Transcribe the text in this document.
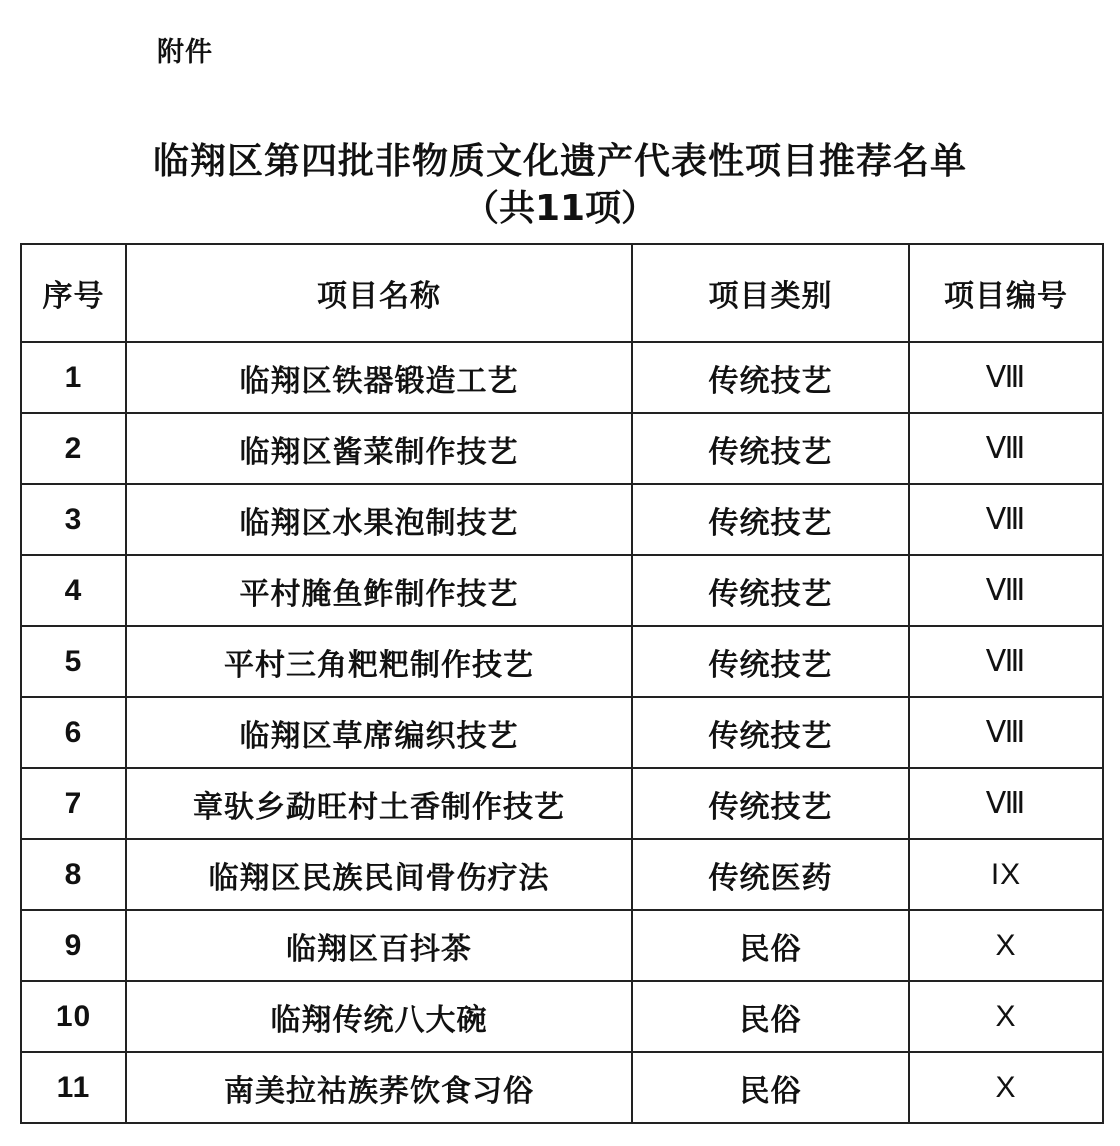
附件
临翔区第四批非物质文化遗产代表性项目推荐名单
（共11项）
序号	项目名称	项目类别	项目编号
1	临翔区铁器锻造工艺	传统技艺	Ⅷ
2	临翔区酱菜制作技艺	传统技艺	Ⅷ
3	临翔区水果泡制技艺	传统技艺	Ⅷ
4	平村腌鱼鲊制作技艺	传统技艺	Ⅷ
5	平村三角粑粑制作技艺	传统技艺	Ⅷ
6	临翔区草席编织技艺	传统技艺	Ⅷ
7	章驮乡勐旺村土香制作技艺	传统技艺	Ⅷ
8	临翔区民族民间骨伤疗法	传统医药	IX
9	临翔区百抖茶	民俗	X
10	临翔传统八大碗	民俗	X
11	南美拉祜族荞饮食习俗	民俗	X
